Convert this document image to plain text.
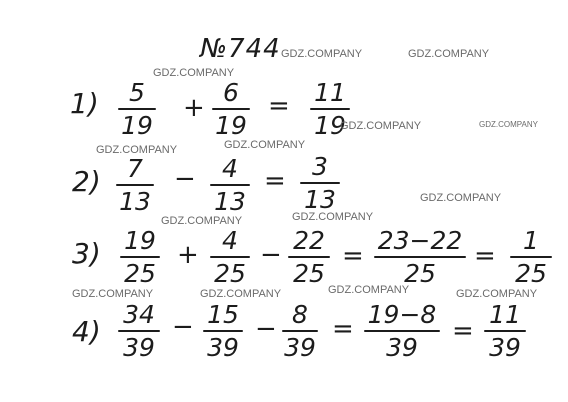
№744
1) 5
19
+
6
19
= 11
19
2) 7
13
− 4
13
= 3
13
3) 19
25
+ 4
25
− 22
25
=
23−22
25
=
1
25
4)
34
39
− 15
39
− 8
39
= 19−8
39
=
11
39
GDZ.COMPANY	GDZ.COMPANY
GDZ.COMPANY
GDZ.COMPANY	GDZ.COMPANY
GDZ.COMPANY	GDZ.COMPANY
GDZ.COMPANY
GDZ.COMPANY	GDZ.COMPANY
GDZ.COMPANY	GDZ.COMPANY	GDZ.COMPANY	GDZ.COMPANY
